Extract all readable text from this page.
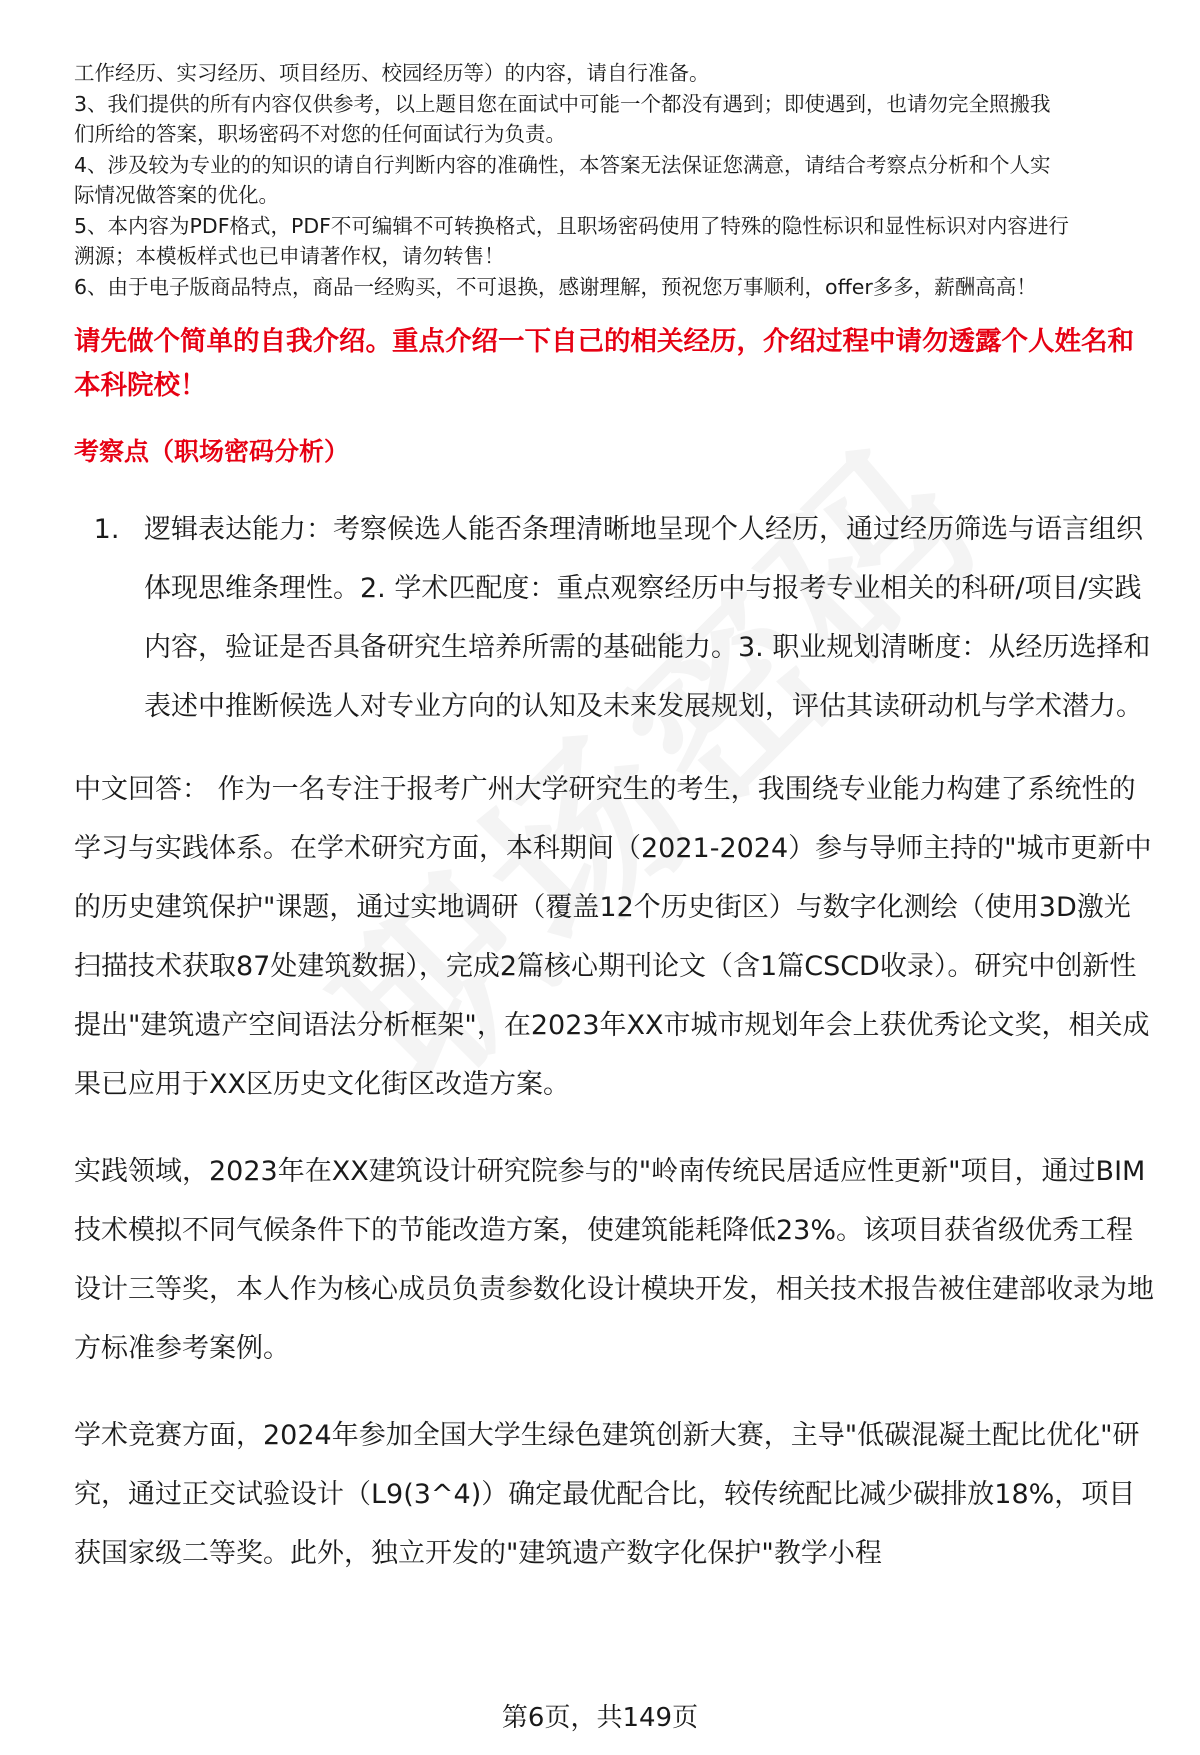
工作经历、实习经历、项目经历、校园经历等）的内容，请自行准备。

3、我们提供的所有内容仅供参考，以上题目您在面试中可能一个都没有遇到；即使遇到，也请勿完全照搬我

们所给的答案，职场密码不对您的任何面试行为负责。

4、涉及较为专业的的知识的请自行判断内容的准确性，本答案无法保证您满意，请结合考察点分析和个人实

际情况做答案的优化。

5、本内容为PDF格式，PDF不可编辑不可转换格式，且职场密码使用了特殊的隐性标识和显性标识对内容进行

溯源；本模板样式也已申请著作权，请勿转售！

6、由于电子版商品特点，商品一经购买，不可退换，感谢理解，预祝您万事顺利，offer多多，薪酬高高！

请先做个简单的自我介绍。重点介绍一下自己的相关经历，介绍过程中请勿透露个人姓名和本科院校！
考察点（职场密码分析）
1. 逻辑表达能力：考察候选人能否条理清晰地呈现个人经历，通过经历筛选与语言组织体现思维条理性。2. 学术匹配度：重点观察经历中与报考专业相关的科研/项目/实践内容，验证是否具备研究生培养所需的基础能力。3. 职业规划清晰度：从经历选择和表述中推断候选人对专业方向的认知及未来发展规划，评估其读研动机与学术潜力。

中文回答： 作为一名专注于报考广州大学研究生的考生，我围绕专业能力构建了系统性的学习与实践体系。在学术研究方面，本科期间（2021-2024）参与导师主持的"城市更新中的历史建筑保护"课题，通过实地调研（覆盖12个历史街区）与数字化测绘（使用3D激光扫描技术获取87处建筑数据），完成2篇核心期刊论文（含1篇CSCD收录）。研究中创新性提出"建筑遗产空间语法分析框架"，在2023年XX市城市规划年会上获优秀论文奖，相关成果已应用于XX区历史文化街区改造方案。

实践领域，2023年在XX建筑设计研究院参与的"岭南传统民居适应性更新"项目，通过BIM技术模拟不同气候条件下的节能改造方案，使建筑能耗降低23%。该项目获省级优秀工程设计三等奖，本人作为核心成员负责参数化设计模块开发，相关技术报告被住建部收录为地方标准参考案例。

学术竞赛方面，2024年参加全国大学生绿色建筑创新大赛，主导"低碳混凝土配比优化"研究，通过正交试验设计（L9(3^4)）确定最优配合比，较传统配比减少碳排放18%，项目获国家级二等奖。此外，独立开发的"建筑遗产数字化保护"教学小程

第6页，共149页
